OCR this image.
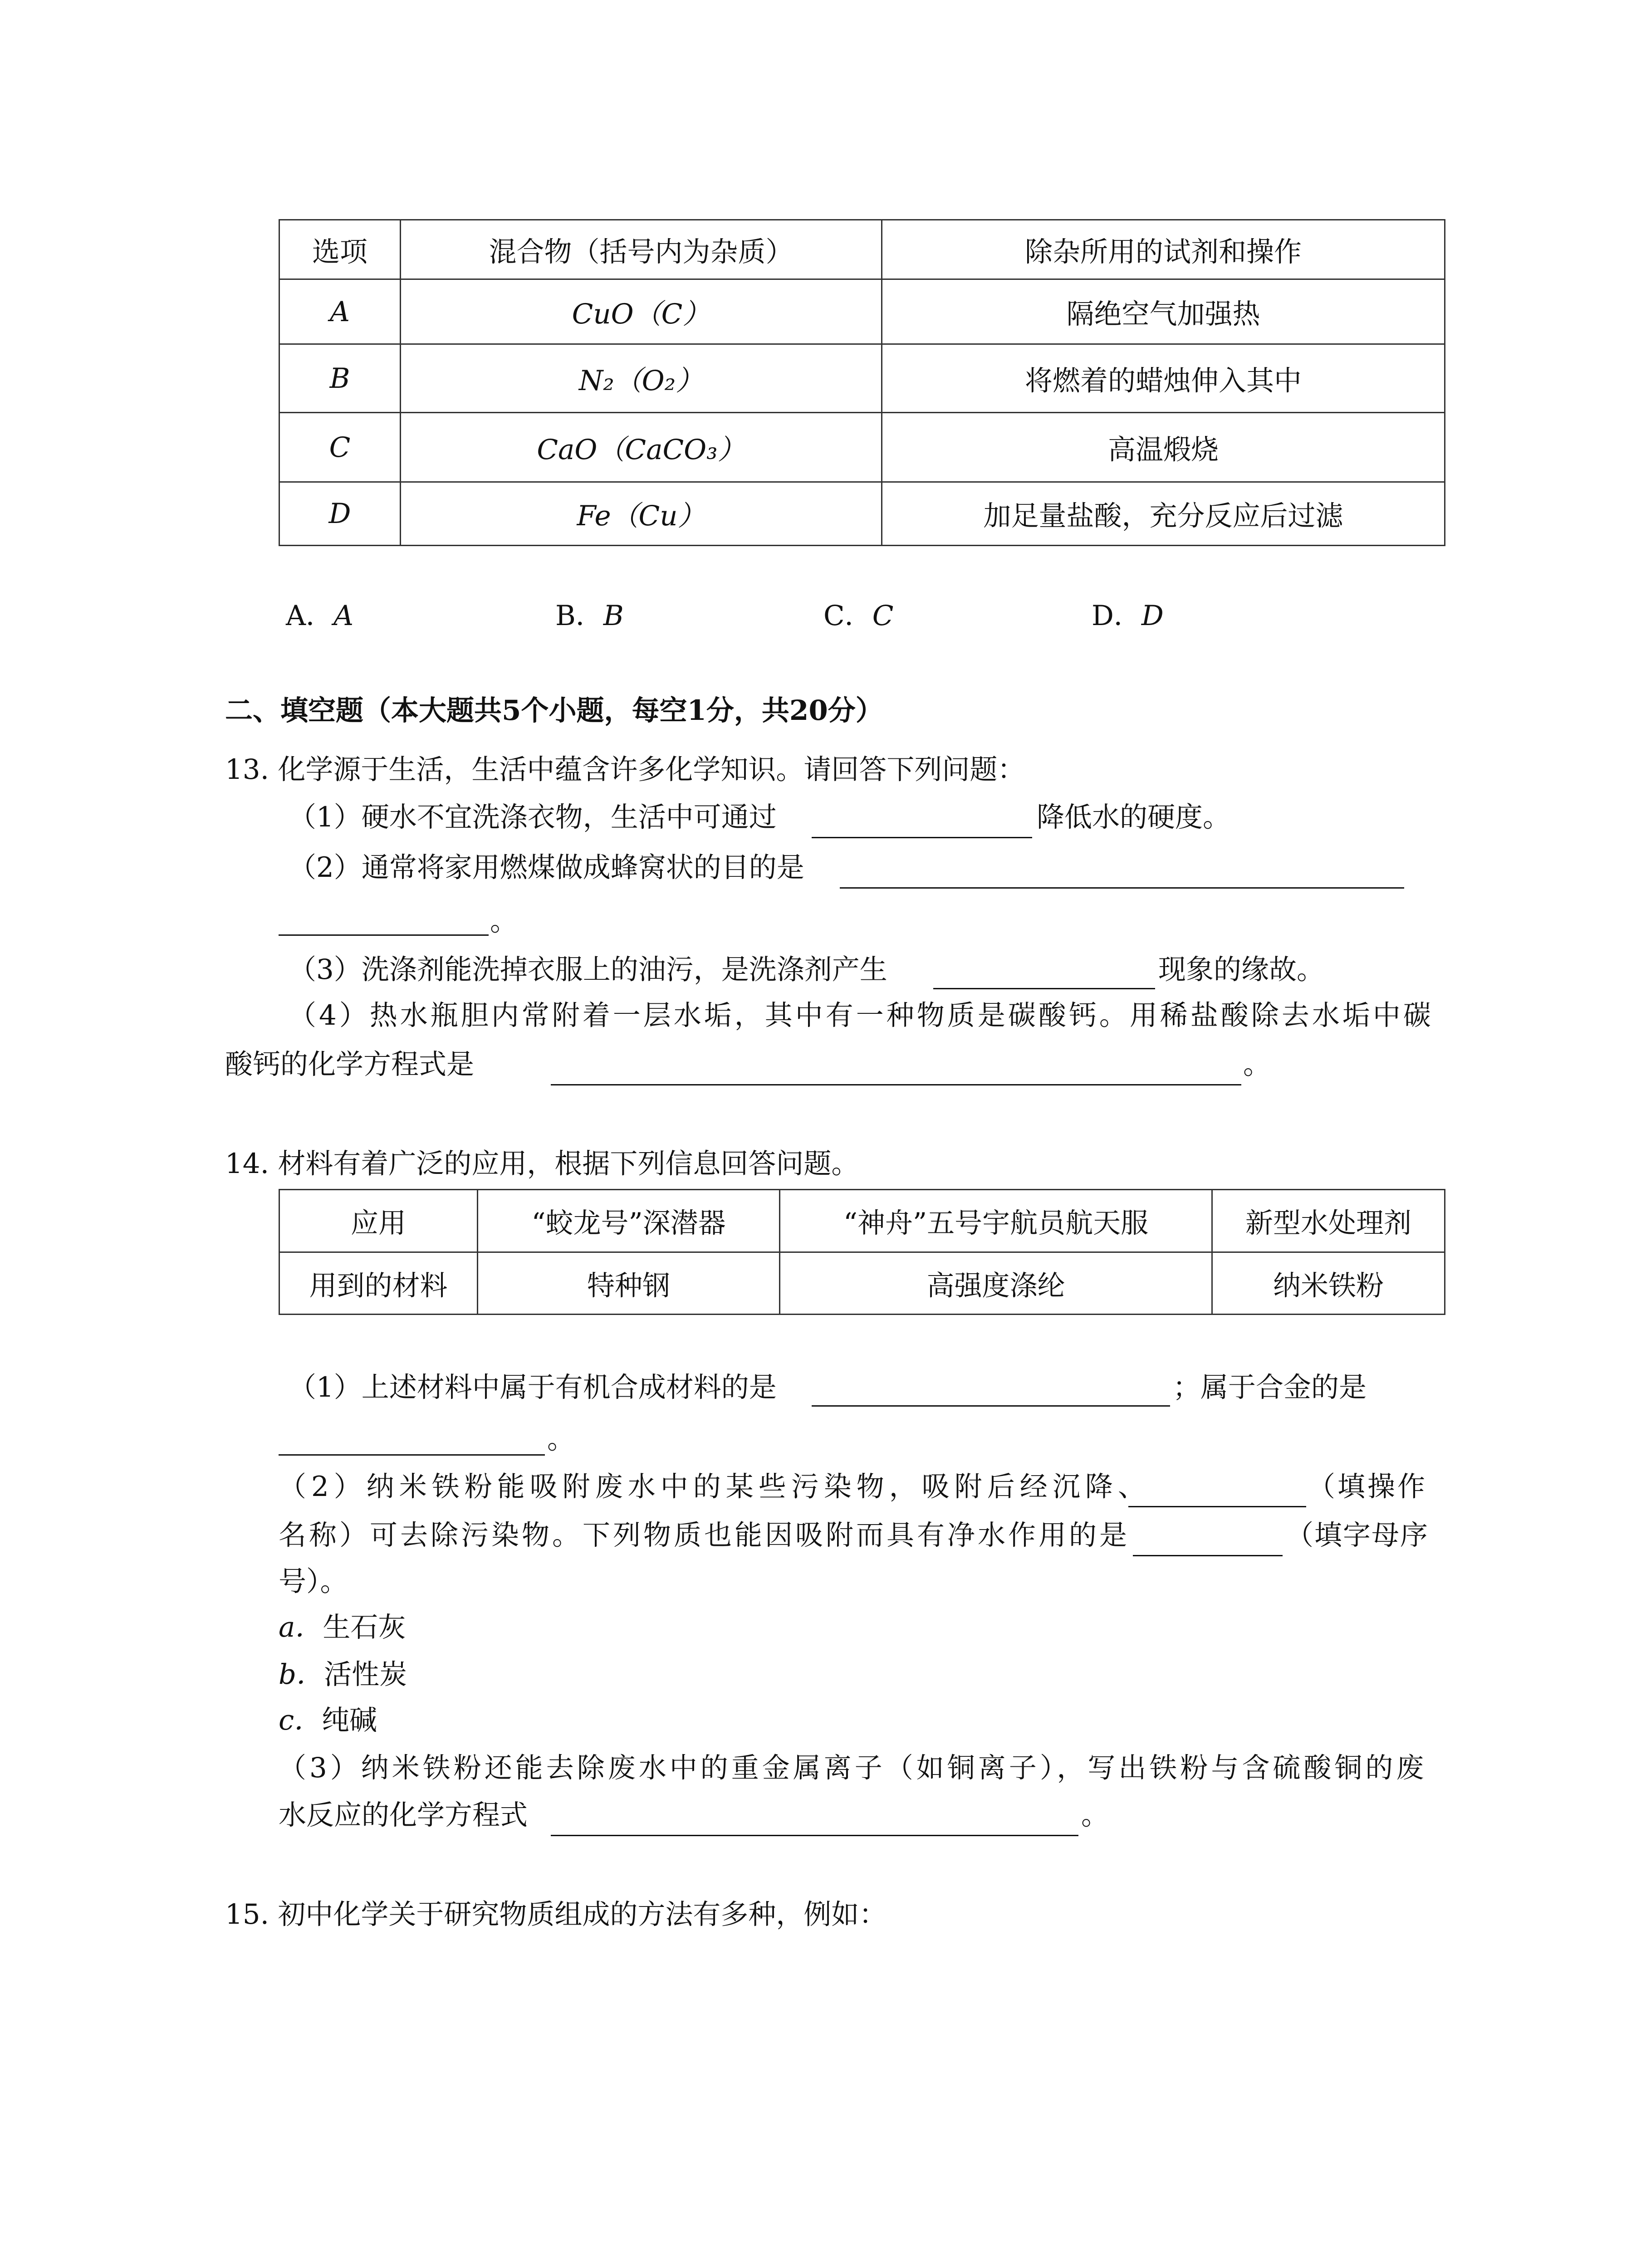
选项	混合物（括号内为杂质）	除杂所用的试剂和操作
A	CuO（C）	隔绝空气加强热
B	N₂（O₂）	将燃着的蜡烛伸入其中
C	CaO（CaCO₃）	高温煅烧
D	Fe（Cu）	加足量盐酸，充分反应后过滤
A．A	B．B	C．C	D．D
二、填空题（本大题共5个小题，每空1分，共20分）
13. 化学源于生活，生活中蕴含许多化学知识。请回答下列问题：
（1）硬水不宜洗涤衣物，生活中可通过	降低水的硬度。
（2）通常将家用燃煤做成蜂窝状的目的是
。
（3）洗涤剂能洗掉衣服上的油污，是洗涤剂产生	现象的缘故。
（4）热水瓶胆内常附着一层水垢，其中有一种物质是碳酸钙。用稀盐酸除去水垢中碳
酸钙的化学方程式是	。
14. 材料有着广泛的应用，根据下列信息回答问题。
应用	“蛟龙号”深潜器	“神舟”五号宇航员航天服	新型水处理剂
用到的材料	特种钢	高强度涤纶	纳米铁粉
（1）上述材料中属于有机合成材料的是	；属于合金的是
。
（2）纳米铁粉能吸附废水中的某些污染物，吸附后经沉降、	（填操作
名称）可去除污染物。下列物质也能因吸附而具有净水作用的是	（填字母序
号）。
a．生石灰
b．活性炭
c．纯碱
（3）纳米铁粉还能去除废水中的重金属离子（如铜离子），写出铁粉与含硫酸铜的废
水反应的化学方程式	。
15. 初中化学关于研究物质组成的方法有多种，例如：
